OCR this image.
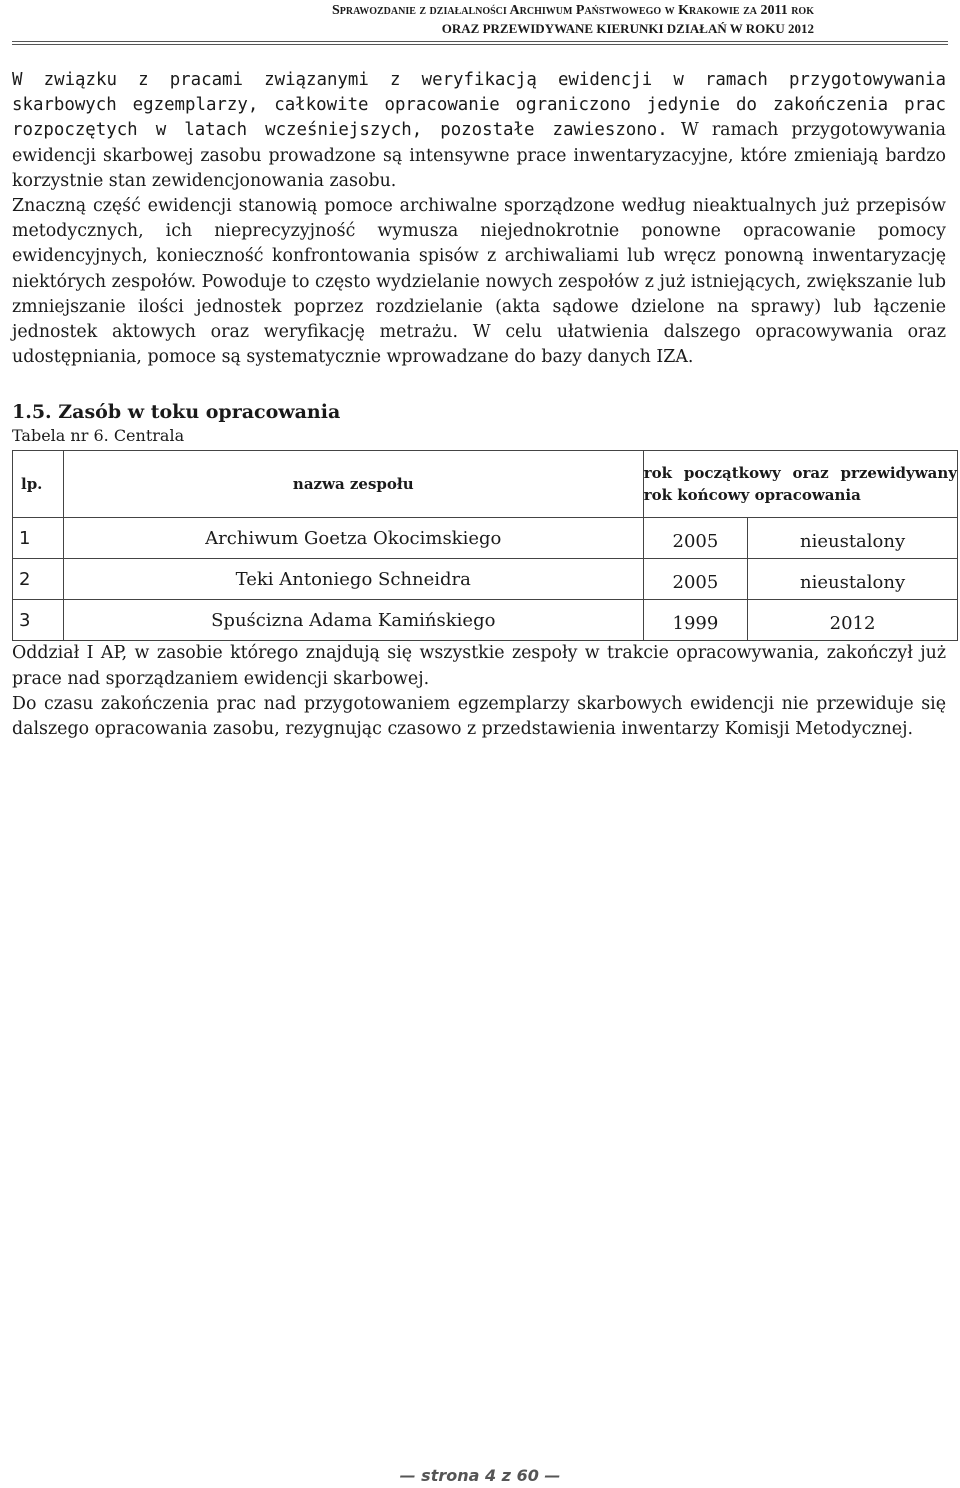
Sprawozdanie z działalności Archiwum Państwowego w Krakowie za 2011 rok
ORAZ PRZEWIDYWANE KIERUNKI DZIAŁAŃ W ROKU 2012

W związku z pracami związanymi z weryfikacją ewidencji w ramach przygotowywania skarbowych egzemplarzy, całkowite opracowanie ograniczono jedynie do zakończenia prac rozpoczętych w latach wcześniejszych, pozostałe zawieszono. W ramach przygotowywania ewidencji skarbowej zasobu prowadzone są intensywne prace inwentaryzacyjne, które zmieniają bardzo korzystnie stan zewidencjonowania zasobu.

Znaczną część ewidencji stanowią pomoce archiwalne sporządzone według nieaktualnych już przepisów metodycznych, ich nieprecyzyjność wymusza niejednokrotnie ponowne opracowanie pomocy ewidencyjnych, konieczność konfrontowania spisów z archiwaliami lub wręcz ponowną inwentaryzację niektórych zespołów. Powoduje to często wydzielanie nowych zespołów z już istniejących, zwiększanie lub zmniejszanie ilości jednostek poprzez rozdzielanie (akta sądowe dzielone na sprawy) lub łączenie jednostek aktowych oraz weryfikację metrażu. W celu ułatwienia dalszego opracowywania oraz udostępniania, pomoce są systematycznie wprowadzane do bazy danych IZA.

1.5. Zasób w toku opracowania
Tabela nr 6. Centrala
lp.	nazwa zespołu	rok początkowy oraz przewidywany rok końcowy opracowania	
1	Archiwum Goetza Okocimskiego	2005	nieustalony
2	Teki Antoniego Schneidra	2005	nieustalony
3	Spuścizna Adama Kamińskiego	1999	2012

Oddział I AP, w zasobie którego znajdują się wszystkie zespoły w trakcie opracowywania, zakończył już prace nad sporządzaniem ewidencji skarbowej.

Do czasu zakończenia prac nad przygotowaniem egzemplarzy skarbowych ewidencji nie przewiduje się dalszego opracowania zasobu, rezygnując czasowo z przedstawienia inwentarzy Komisji Metodycznej.

— strona 4 z 60 —
